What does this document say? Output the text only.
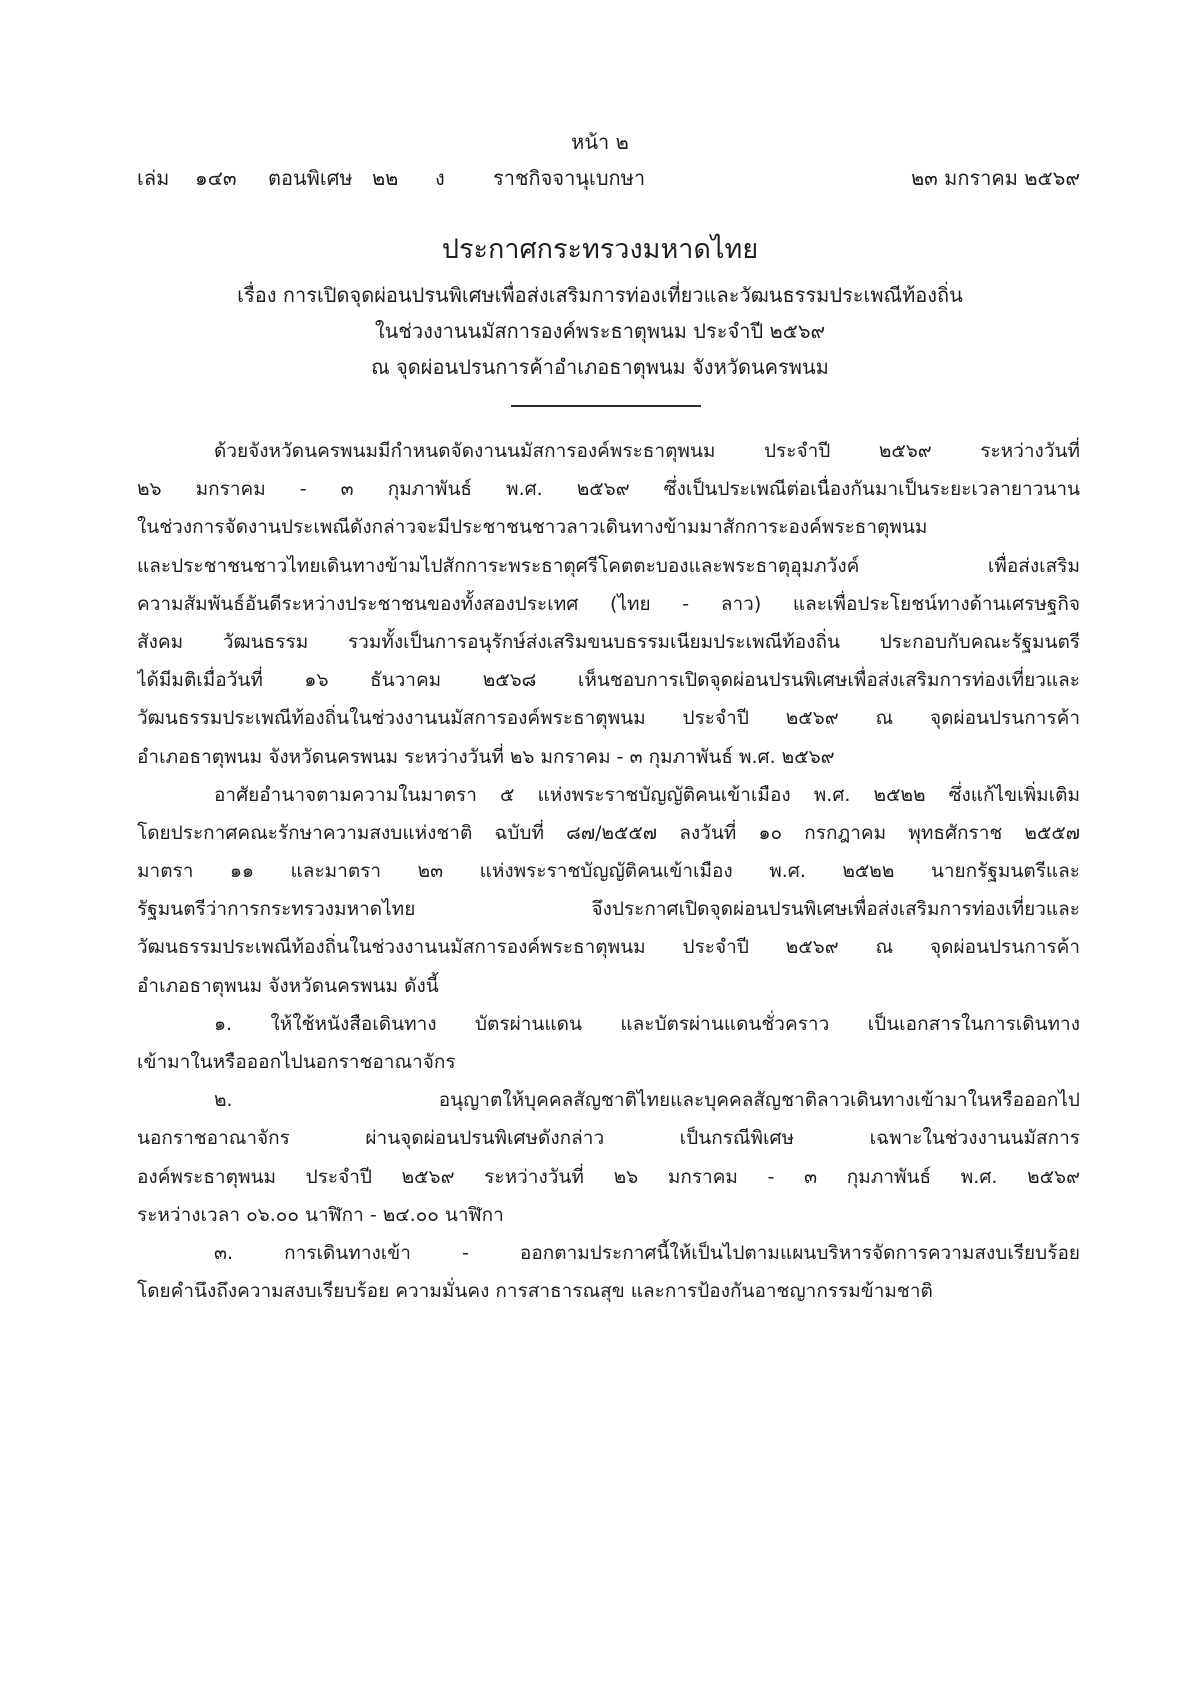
หน้า ๒
เล่ม ๑๔๓ ตอนพิเศษ ๒๒ ง ราชกิจจานุเบกษา	๒๓ มกราคม ๒๕๖๙
ประกาศกระทรวงมหาดไทย
เรื่อง การเปิดจุดผ่อนปรนพิเศษเพื่อส่งเสริมการท่องเที่ยวและวัฒนธรรมประเพณีท้องถิ่น
ในช่วงงานนมัสการองค์พระธาตุพนม ประจำปี ๒๕๖๙
ณ จุดผ่อนปรนการค้าอำเภอธาตุพนม จังหวัดนครพนม
ด้วยจังหวัดนครพนมมีกำหนดจัดงานนมัสการองค์พระธาตุพนม ประจำปี ๒๕๖๙ ระหว่างวันที่
๒๖ มกราคม - ๓ กุมภาพันธ์ พ.ศ. ๒๕๖๙ ซึ่งเป็นประเพณีต่อเนื่องกันมาเป็นระยะเวลายาวนาน
ในช่วงการจัดงานประเพณีดังกล่าวจะมีประชาชนชาวลาวเดินทางข้ามมาสักการะองค์พระธาตุพนม
และประชาชนชาวไทยเดินทางข้ามไปสักการะพระธาตุศรีโคตตะบองและพระธาตุอุมภวังค์ เพื่อส่งเสริม
ความสัมพันธ์อันดีระหว่างประชาชนของทั้งสองประเทศ (ไทย - ลาว) และเพื่อประโยชน์ทางด้านเศรษฐกิจ
สังคม วัฒนธรรม รวมทั้งเป็นการอนุรักษ์ส่งเสริมขนบธรรมเนียมประเพณีท้องถิ่น ประกอบกับคณะรัฐมนตรี
ได้มีมติเมื่อวันที่ ๑๖ ธันวาคม ๒๕๖๘ เห็นชอบการเปิดจุดผ่อนปรนพิเศษเพื่อส่งเสริมการท่องเที่ยวและ
วัฒนธรรมประเพณีท้องถิ่นในช่วงงานนมัสการองค์พระธาตุพนม ประจำปี ๒๕๖๙ ณ จุดผ่อนปรนการค้า
อำเภอธาตุพนม จังหวัดนครพนม ระหว่างวันที่ ๒๖ มกราคม - ๓ กุมภาพันธ์ พ.ศ. ๒๕๖๙
อาศัยอำนาจตามความในมาตรา ๕ แห่งพระราชบัญญัติคนเข้าเมือง พ.ศ. ๒๕๒๒ ซึ่งแก้ไขเพิ่มเติม
โดยประกาศคณะรักษาความสงบแห่งชาติ ฉบับที่ ๘๗/๒๕๕๗ ลงวันที่ ๑๐ กรกฎาคม พุทธศักราช ๒๕๕๗
มาตรา ๑๑ และมาตรา ๒๓ แห่งพระราชบัญญัติคนเข้าเมือง พ.ศ. ๒๕๒๒ นายกรัฐมนตรีและ
รัฐมนตรีว่าการกระทรวงมหาดไทย จึงประกาศเปิดจุดผ่อนปรนพิเศษเพื่อส่งเสริมการท่องเที่ยวและ
วัฒนธรรมประเพณีท้องถิ่นในช่วงงานนมัสการองค์พระธาตุพนม ประจำปี ๒๕๖๙ ณ จุดผ่อนปรนการค้า
อำเภอธาตุพนม จังหวัดนครพนม ดังนี้
๑. ให้ใช้หนังสือเดินทาง บัตรผ่านแดน และบัตรผ่านแดนชั่วคราว เป็นเอกสารในการเดินทาง
เข้ามาในหรือออกไปนอกราชอาณาจักร
๒. อนุญาตให้บุคคลสัญชาติไทยและบุคคลสัญชาติลาวเดินทางเข้ามาในหรือออกไป
นอกราชอาณาจักร ผ่านจุดผ่อนปรนพิเศษดังกล่าว เป็นกรณีพิเศษ เฉพาะในช่วงงานนมัสการ
องค์พระธาตุพนม ประจำปี ๒๕๖๙ ระหว่างวันที่ ๒๖ มกราคม - ๓ กุมภาพันธ์ พ.ศ. ๒๕๖๙
ระหว่างเวลา ๐๖.๐๐ นาฬิกา - ๒๔.๐๐ นาฬิกา
๓. การเดินทางเข้า - ออกตามประกาศนี้ให้เป็นไปตามแผนบริหารจัดการความสงบเรียบร้อย
โดยคำนึงถึงความสงบเรียบร้อย ความมั่นคง การสาธารณสุข และการป้องกันอาชญากรรมข้ามชาติ
